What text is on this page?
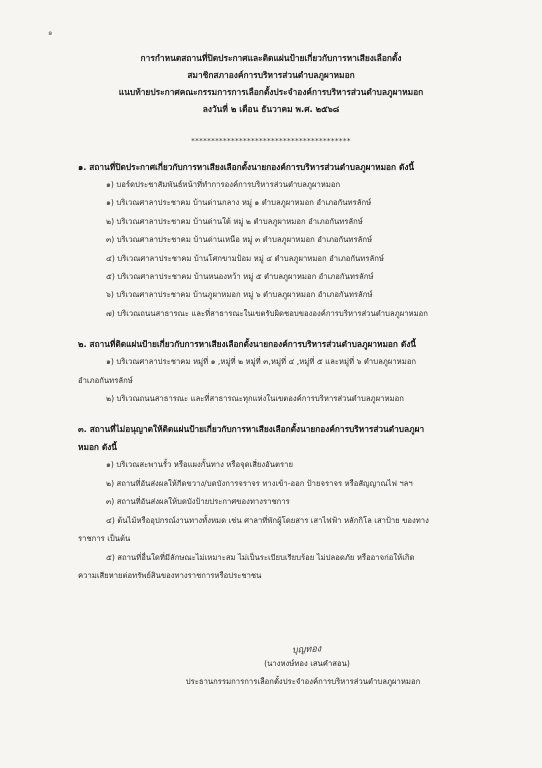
๑
การกำหนดสถานที่ปิดประกาศและติดแผ่นป้ายเกี่ยวกับการหาเสียงเลือกตั้ง
สมาชิกสภาองค์การบริหารส่วนตำบลภูผาหมอก
แนบท้ายประกาศคณะกรรมการการเลือกตั้งประจำองค์การบริหารส่วนตำบลภูผาหมอก
ลงวันที่ ๒ เดือน ธันวาคม พ.ศ. ๒๕๖๘
****************************************
๑. สถานที่ปิดประกาศเกี่ยวกับการหาเสียงเลือกตั้งนายกองค์การบริหารส่วนตำบลภูผาหมอก ดังนี้
๑) บอร์ดประชาสัมพันธ์หน้าที่ทำการองค์การบริหารส่วนตำบลภูผาหมอก
๑) บริเวณศาลาประชาคม บ้านด่านกลาง หมู่ ๑ ตำบลภูผาหมอก อำเภอกันทรลักษ์
๒) บริเวณศาลาประชาคม บ้านด่านใต้ หมู่ ๒ ตำบลภูผาหมอก อำเภอกันทรลักษ์
๓) บริเวณศาลาประชาคม บ้านด่านเหนือ หมู่ ๓ ตำบลภูผาหมอก อำเภอกันทรลักษ์
๔) บริเวณศาลาประชาคม บ้านโศกขามป้อม หมู่ ๔ ตำบลภูผาหมอก อำเภอกันทรลักษ์
๕) บริเวณศาลาประชาคม บ้านหนองหว้า หมู่ ๕ ตำบลภูผาหมอก อำเภอกันทรลักษ์
๖) บริเวณศาลาประชาคม บ้านภูผาหมอก หมู่ ๖ ตำบลภูผาหมอก อำเภอกันทรลักษ์
๗) บริเวณถนนสาธารณะ และที่สาธารณะในเขตรับผิดชอบขององค์การบริหารส่วนตำบลภูผาหมอก
๒. สถานที่ติดแผ่นป้ายเกี่ยวกับการหาเสียงเลือกตั้งนายกองค์การบริหารส่วนตำบลภูผาหมอก ดังนี้
๑) บริเวณศาลาประชาคม หมู่ที่ ๑ ,หมู่ที่ ๒ หมู่ที่ ๓,หมู่ที่ ๔ ,หมู่ที่ ๕ และหมู่ที่ ๖ ตำบลภูผาหมอก
อำเภอกันทรลักษ์
๒) บริเวณถนนสาธารณะ และที่สาธารณะทุกแห่งในเขตองค์การบริหารส่วนตำบลภูผาหมอก
๓. สถานที่ไม่อนุญาตให้ติดแผ่นป้ายเกี่ยวกับการหาเสียงเลือกตั้งนายกองค์การบริหารส่วนตำบลภูผา
หมอก ดังนี้
๑) บริเวณสะพานรั้ว หรือแผงกั้นทาง หรือจุดเสี่ยงอันตราย
๒) สถานที่อันส่งผลให้กีดขวาง/บดบังการจราจร ทางเข้า-ออก ป้ายจราจร หรือสัญญาณไฟ ฯลฯ
๓) สถานที่อันส่งผลให้บดบังป้ายประกาศของทางราชการ
๔) ต้นไม้หรืออุปกรณ์งานทางทั้งหมด เช่น ศาลาที่พักผู้โดยสาร เสาไฟฟ้า หลักกิโล เสาป้าย ของทาง
ราชการ เป็นต้น
๕) สถานที่อื่นใดที่มีลักษณะไม่เหมาะสม ไม่เป็นระเบียบเรียบร้อย ไม่ปลอดภัย หรืออาจก่อให้เกิด
ความเสียหายต่อทรัพย์สินของทางราชการหรือประชาชน
บุญทอง
(นางหงษ์ทอง เสนคำสอน)
ประธานกรรมการการเลือกตั้งประจำองค์การบริหารส่วนตำบลภูผาหมอก
